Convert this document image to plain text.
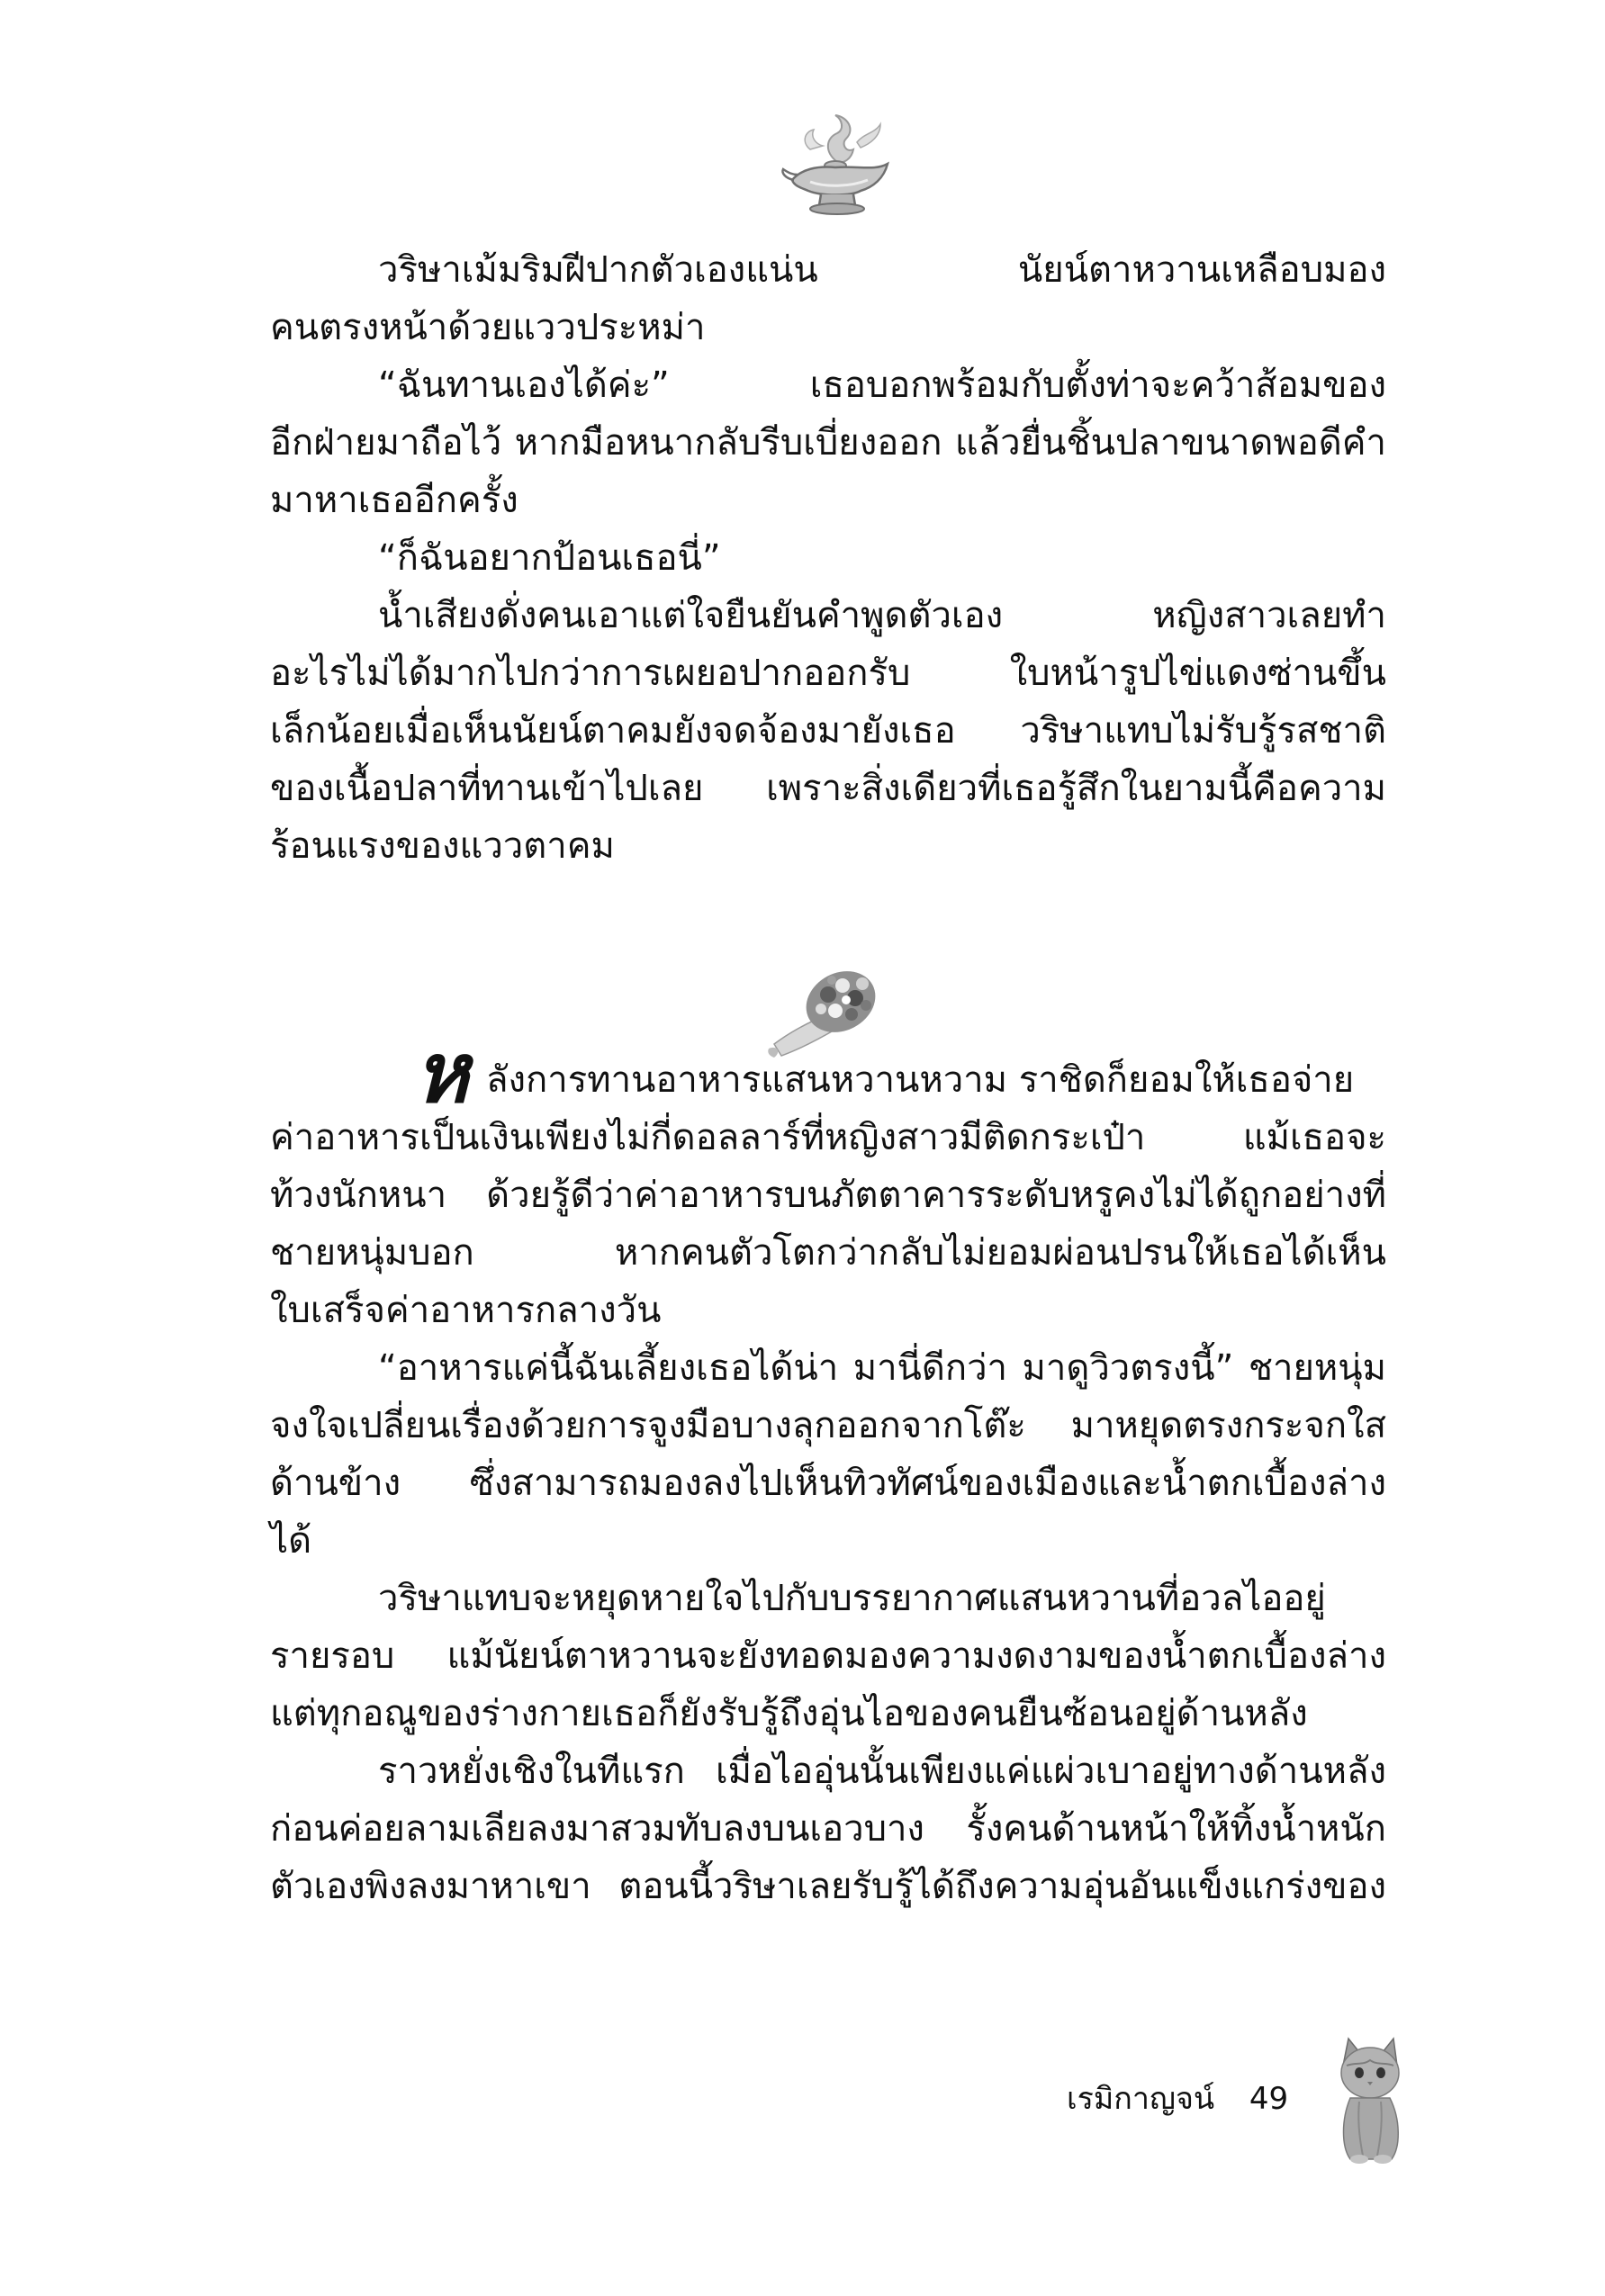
วริษาเม้มริมฝีปากตัวเองแน่น นัยน์ตาหวานเหลือบมอง
คนตรงหน้าด้วยแววประหม่า
“ฉันทานเองได้ค่ะ” เธอบอกพร้อมกับตั้งท่าจะคว้าส้อมของ
อีกฝ่ายมาถือไว้ หากมือหนากลับรีบเบี่ยงออก แล้วยื่นชิ้นปลาขนาดพอดีคำ
มาหาเธออีกครั้ง
“ก็ฉันอยากป้อนเธอนี่”
น้ำเสียงดั่งคนเอาแต่ใจยืนยันคำพูดตัวเอง หญิงสาวเลยทำ
อะไรไม่ได้มากไปกว่าการเผยอปากออกรับ ใบหน้ารูปไข่แดงซ่านขึ้น
เล็กน้อยเมื่อเห็นนัยน์ตาคมยังจดจ้องมายังเธอ วริษาแทบไม่รับรู้รสชาติ
ของเนื้อปลาที่ทานเข้าไปเลย เพราะสิ่งเดียวที่เธอรู้สึกในยามนี้คือความ
ร้อนแรงของแววตาคม
ห ลังการทานอาหารแสนหวานหวาม ราชิดก็ยอมให้เธอจ่าย
ค่าอาหารเป็นเงินเพียงไม่กี่ดอลลาร์ที่หญิงสาวมีติดกระเป๋า แม้เธอจะ
ท้วงนักหนา ด้วยรู้ดีว่าค่าอาหารบนภัตตาคารระดับหรูคงไม่ได้ถูกอย่างที่
ชายหนุ่มบอก หากคนตัวโตกว่ากลับไม่ยอมผ่อนปรนให้เธอได้เห็น
ใบเสร็จค่าอาหารกลางวัน
“อาหารแค่นี้ฉันเลี้ยงเธอได้น่า มานี่ดีกว่า มาดูวิวตรงนี้” ชายหนุ่ม
จงใจเปลี่ยนเรื่องด้วยการจูงมือบางลุกออกจากโต๊ะ มาหยุดตรงกระจกใส
ด้านข้าง ซึ่งสามารถมองลงไปเห็นทิวทัศน์ของเมืองและน้ำตกเบื้องล่าง
ได้
วริษาแทบจะหยุดหายใจไปกับบรรยากาศแสนหวานที่อวลไออยู่
รายรอบ แม้นัยน์ตาหวานจะยังทอดมองความงดงามของน้ำตกเบื้องล่าง
แต่ทุกอณูของร่างกายเธอก็ยังรับรู้ถึงอุ่นไอของคนยืนซ้อนอยู่ด้านหลัง
ราวหยั่งเชิงในทีแรก เมื่อไออุ่นนั้นเพียงแค่แผ่วเบาอยู่ทางด้านหลัง
ก่อนค่อยลามเลียลงมาสวมทับลงบนเอวบาง รั้งคนด้านหน้าให้ทิ้งน้ำหนัก
ตัวเองพิงลงมาหาเขา ตอนนี้วริษาเลยรับรู้ได้ถึงความอุ่นอันแข็งแกร่งของ
เรมิกาญจน์ 49
